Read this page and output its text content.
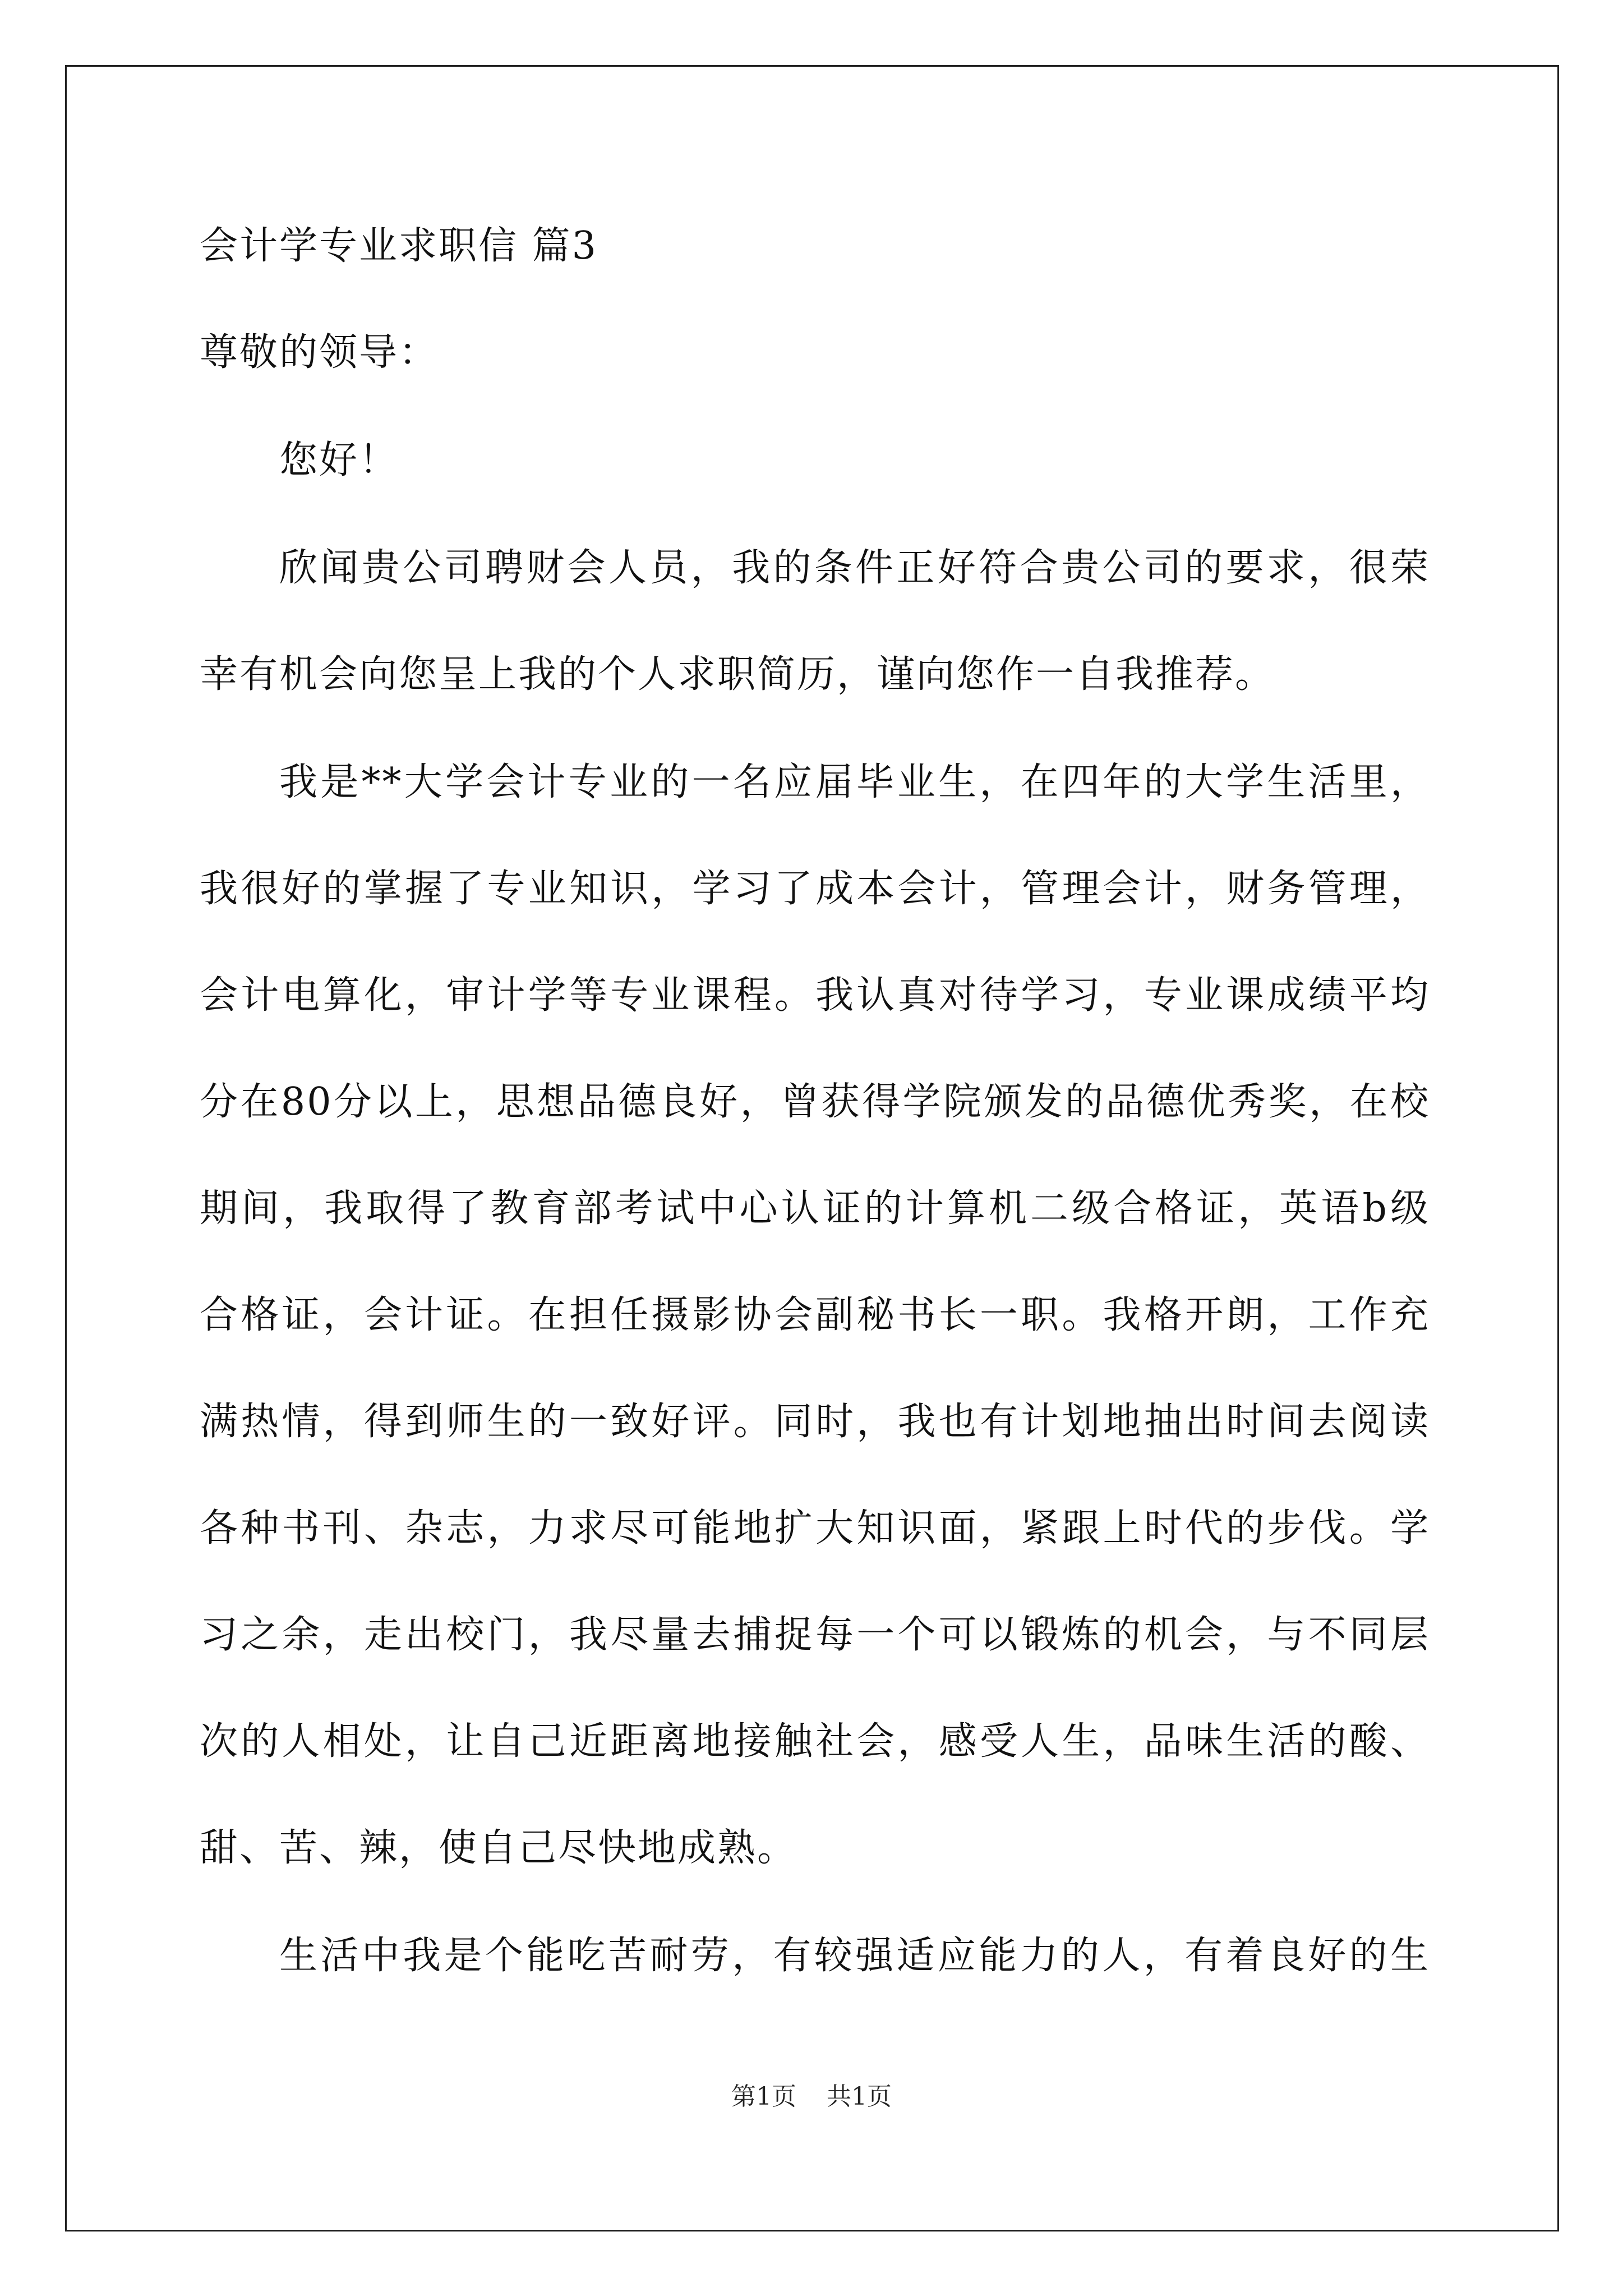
会计学专业求职信 篇3
尊敬的领导：
您好！
欣闻贵公司聘财会人员，我的条件正好符合贵公司的要求，很荣
幸有机会向您呈上我的个人求职简历，谨向您作一自我推荐。
我是**大学会计专业的一名应届毕业生，在四年的大学生活里，
我很好的掌握了专业知识，学习了成本会计，管理会计，财务管理，
会计电算化，审计学等专业课程。我认真对待学习，专业课成绩平均
分在80分以上，思想品德良好，曾获得学院颁发的品德优秀奖，在校
期间，我取得了教育部考试中心认证的计算机二级合格证，英语b级
合格证，会计证。在担任摄影协会副秘书长一职。我格开朗，工作充
满热情，得到师生的一致好评。同时，我也有计划地抽出时间去阅读
各种书刊、杂志，力求尽可能地扩大知识面，紧跟上时代的步伐。学
习之余，走出校门，我尽量去捕捉每一个可以锻炼的机会，与不同层
次的人相处，让自己近距离地接触社会，感受人生，品味生活的酸、
甜、苦、辣，使自己尽快地成熟。
生活中我是个能吃苦耐劳，有较强适应能力的人，有着良好的生
第1页 共1页
